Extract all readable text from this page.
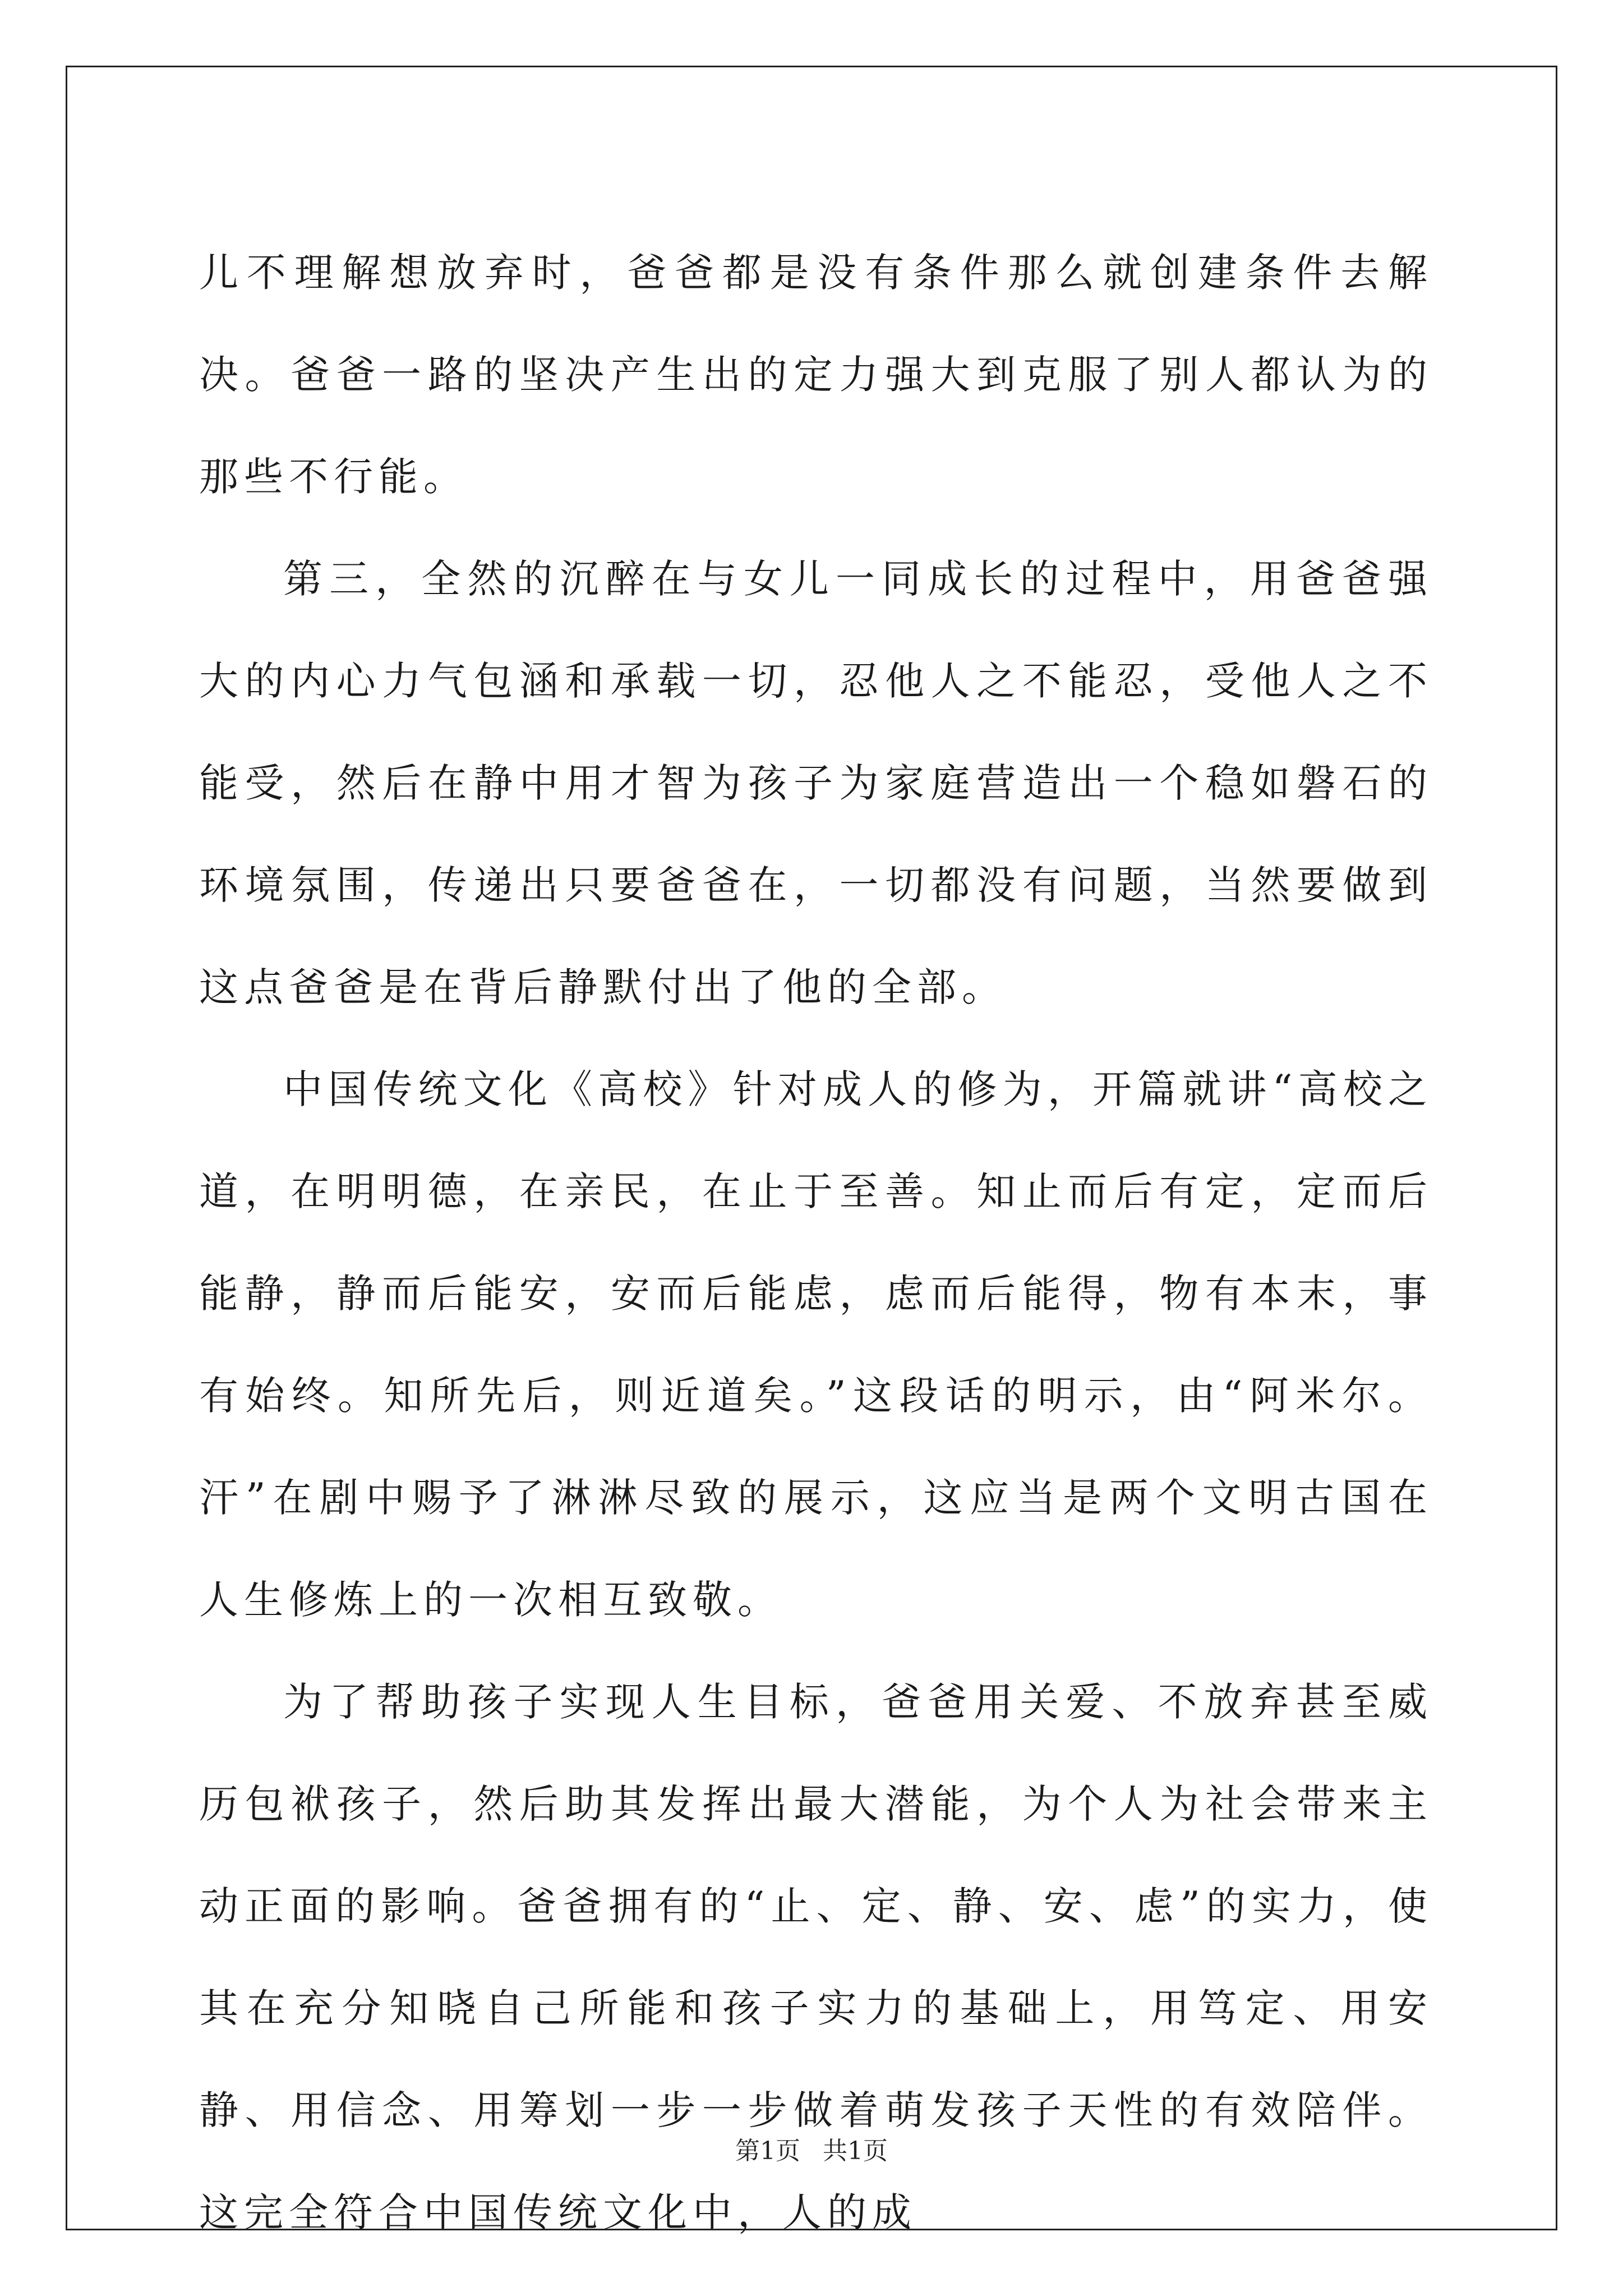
儿不理解想放弃时，爸爸都是没有条件那么就创建条件去解决。爸爸一路的坚决产生出的定力强大到克服了别人都认为的那些不行能。

第三，全然的沉醉在与女儿一同成长的过程中，用爸爸强大的内心力气包涵和承载一切，忍他人之不能忍，受他人之不能受，然后在静中用才智为孩子为家庭营造出一个稳如磐石的环境氛围，传递出只要爸爸在，一切都没有问题，当然要做到这点爸爸是在背后静默付出了他的全部。

中国传统文化《高校》针对成人的修为，开篇就讲“高校之道，在明明德，在亲民，在止于至善。知止而后有定，定而后能静，静而后能安，安而后能虑，虑而后能得，物有本末，事有始终。知所先后，则近道矣。”这段话的明示，由“阿米尔。汗”在剧中赐予了淋淋尽致的展示，这应当是两个文明古国在人生修炼上的一次相互致敬。

为了帮助孩子实现人生目标，爸爸用关爱、不放弃甚至威历包袱孩子，然后助其发挥出最大潜能，为个人为社会带来主动正面的影响。爸爸拥有的“止、定、静、安、虑”的实力，使其在充分知晓自己所能和孩子实力的基础上，用笃定、用安静、用信念、用筹划一步一步做着萌发孩子天性的有效陪伴。这完全符合中国传统文化中，人的成

第1页 共1页
